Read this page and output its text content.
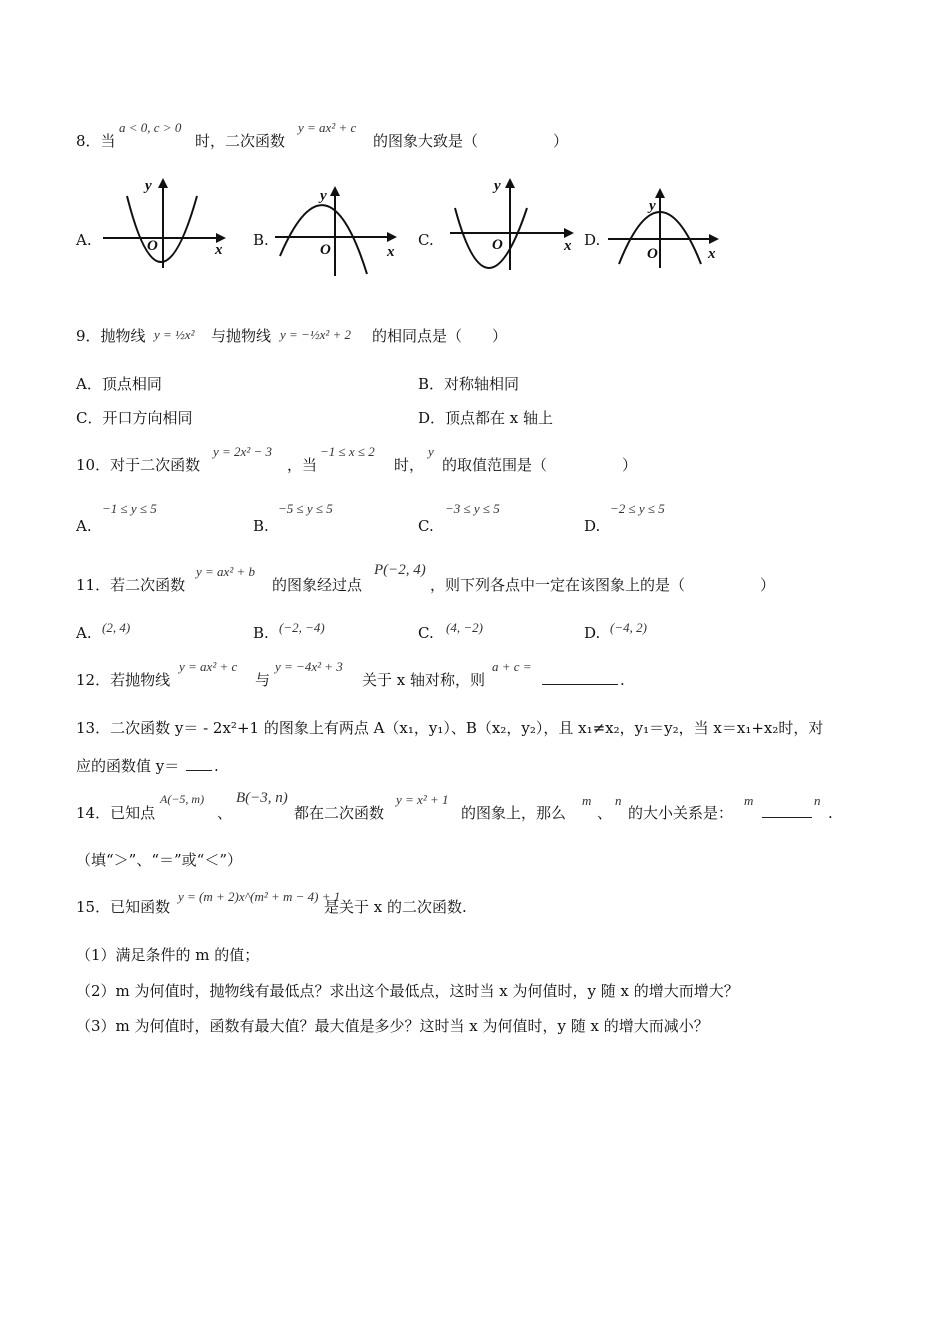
8．当
a < 0, c > 0
时，二次函数
y = ax² + c
的图象大致是（　　　　　）
A.
y
x
O	B.
y
x
O
C.
y
x
O	D.
y
x
O
9．抛物线 y = ½x² 与抛物线 y = −½x² + 2 的相同点是（　　）
A．顶点相同	B．对称轴相同
C．开口方向相同	D．顶点都在 x 轴上
10．对于二次函数
y = 2x² − 3
，当
−1 ≤ x ≤ 2
时，
y
的取值范围是（　　　　　）
A.
−1 ≤ y ≤ 5
B.
−5 ≤ y ≤ 5
C.
−3 ≤ y ≤ 5
D.
−2 ≤ y ≤ 5
11．若二次函数
y = ax² + b
的图象经过点
P(−2, 4)
，则下列各点中一定在该图象上的是（　　　　　）
A. (2, 4)	B. (−2, −4)	C. (4, −2)	D. (−4, 2)
12．若抛物线
y = ax² + c
与
y = −4x² + 3
关于 x 轴对称，则
a + c =
.
13．二次函数 y＝ - 2x²+1 的图象上有两点 A（x₁，y₁）、B（x₂，y₂），且 x₁≠x₂，y₁＝y₂，当 x＝x₁+x₂时，对
应的函数值 y＝ .
14．已知点
A(−5, m)
、
B(−3, n)
都在二次函数
y = x² + 1
的图象上，那么
m
、
n
的大小关系是：
m	n
.
（填“＞”、“＝”或“＜”）
15．已知函数
y = (m + 2)x^(m² + m − 4) + 1
是关于 x 的二次函数.
（1）满足条件的 m 的值；
（2）m 为何值时，抛物线有最低点？求出这个最低点，这时当 x 为何值时，y 随 x 的增大而增大？
（3）m 为何值时，函数有最大值？最大值是多少？这时当 x 为何值时，y 随 x 的增大而减小？
